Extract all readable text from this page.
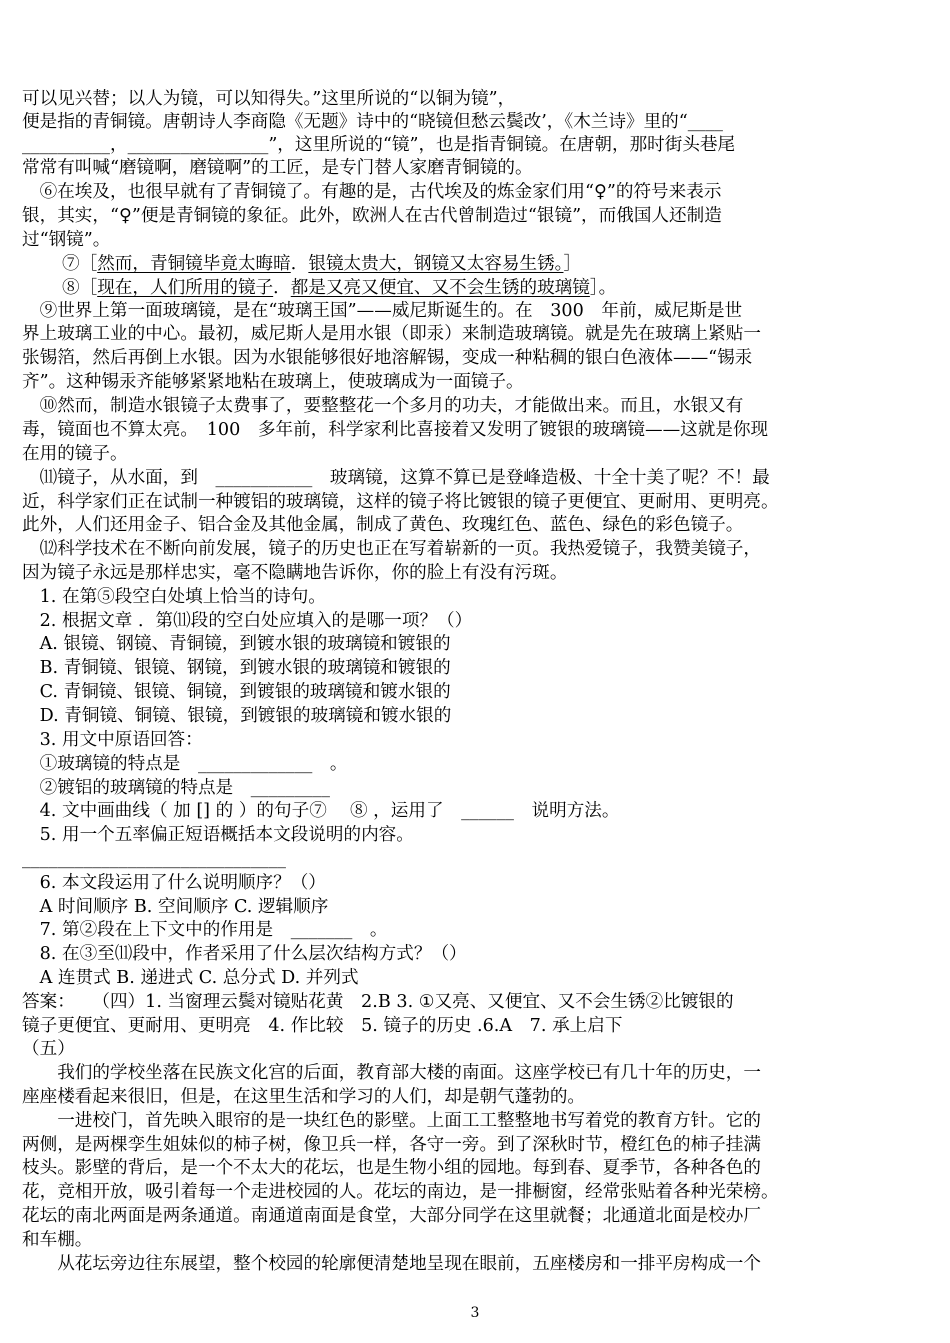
可以见兴替；以人为镜，可以知得失。”这里所说的“以铜为镜”，
便是指的青铜镜。唐朝诗人李商隐《无题》诗中的“晓镜但愁云鬓改’，《木兰诗》里的“____
__________，________________”，这里所说的“镜”，也是指青铜镜。在唐朝，那时街头巷尾
常常有叫喊“磨镜啊，磨镜啊”的工匠，是专门替人家磨青铜镜的。
　⑥在埃及，也很早就有了青铜镜了。有趣的是，古代埃及的炼金家们用“♀”的符号来表示
银，其实，“♀”便是青铜镜的象征。此外，欧洲人在古代曾制造过“银镜”，而俄国人还制造
过“钢镜”。
⑦［然而，青铜镜毕竟太晦暗．银镜太贵大，钢镜又太容易生锈。］
⑧［现在，人们所用的镜子．都是又亮又便宜、又不会生锈的玻璃镜］。
　⑨世界上第一面玻璃镜，是在“玻璃王国”——威尼斯诞生的。在　300　年前，威尼斯是世
界上玻璃工业的中心。最初，威尼斯人是用水银（即汞）来制造玻璃镜。就是先在玻璃上紧贴一
张锡箔，然后再倒上水银。因为水银能够很好地溶解锡，变成一种粘稠的银白色液体——“锡汞
齐”。这种锡汞齐能够紧紧地粘在玻璃上，使玻璃成为一面镜子。
　⑩然而，制造水银镜子太费事了，要整整花一个多月的功夫，才能做出来。而且，水银又有
毒，镜面也不算太亮。　100　多年前，科学家利比喜接着又发明了镀银的玻璃镜——这就是你现
在用的镜子。
　⑾镜子，从水面，到　___________　玻璃镜，这算不算已是登峰造极、十全十美了呢？不！最
近，科学家们正在试制一种镀铝的玻璃镜，这样的镜子将比镀银的镜子更便宜、更耐用、更明亮。
此外，人们还用金子、铝合金及其他金属，制成了黄色、玫瑰红色、蓝色、绿色的彩色镜子。
　⑿科学技术在不断向前发展，镜子的历史也正在写着崭新的一页。我热爱镜子，我赞美镜子，
因为镜子永远是那样忠实，毫不隐瞒地告诉你，你的脸上有没有污斑。
　1. 在第⑤段空白处填上恰当的诗句。
　2. 根据文章 ．第⑾段的空白处应填入的是哪一项？（）
　A. 银镜、钢镜、青铜镜，到镀水银的玻璃镜和镀银的
　B. 青铜镜、银镜、钢镜，到镀水银的玻璃镜和镀银的
　C. 青铜镜、银镜、铜镜，到镀银的玻璃镜和镀水银的
　D. 青铜镜、铜镜、银镜，到镀银的玻璃镜和镀水银的
　3. 用文中原语回答：
　①玻璃镜的特点是　_____________　。
　②镀铝的玻璃镜的特点是　_________
　4. 文中画曲线（ 加 [] 的 ）的句子⑦　 ⑧ ，运用了　______　说明方法。
　5. 用一个五率偏正短语概括本文段说明的内容。
______________________________
　6. 本文段运用了什么说明顺序？（）
　A 时间顺序 B. 空间顺序 C. 逻辑顺序
　7. 第②段在上下文中的作用是　_______　。
　8. 在③至⑾段中，作者采用了什么层次结构方式？（）
　A 连贯式 B. 递进式 C. 总分式 D. 并列式
答案：　　（四）1. 当窗理云鬓对镜贴花黄　2.B 3. ①又亮、又便宜、又不会生锈②比镀银的
镜子更便宜、更耐用、更明亮　4. 作比较　5. 镜子的历史 .6.A　7. 承上启下
（五）
　　我们的学校坐落在民族文化宫的后面，教育部大楼的南面。这座学校已有几十年的历史，一
座座楼看起来很旧，但是，在这里生活和学习的人们，却是朝气蓬勃的。
　　一进校门，首先映入眼帘的是一块红色的影壁。上面工工整整地书写着党的教育方针。它的
两侧，是两棵孪生姐妹似的柿子树，像卫兵一样，各守一旁。到了深秋时节，橙红色的柿子挂满
枝头。影壁的背后，是一个不太大的花坛，也是生物小组的园地。每到春、夏季节，各种各色的
花，竞相开放，吸引着每一个走进校园的人。花坛的南边，是一排橱窗，经常张贴着各种光荣榜。
花坛的南北两面是两条通道。南通道南面是食堂，大部分同学在这里就餐；北通道北面是校办厂
和车棚。
　　从花坛旁边往东展望，整个校园的轮廓便清楚地呈现在眼前，五座楼房和一排平房构成一个
3
